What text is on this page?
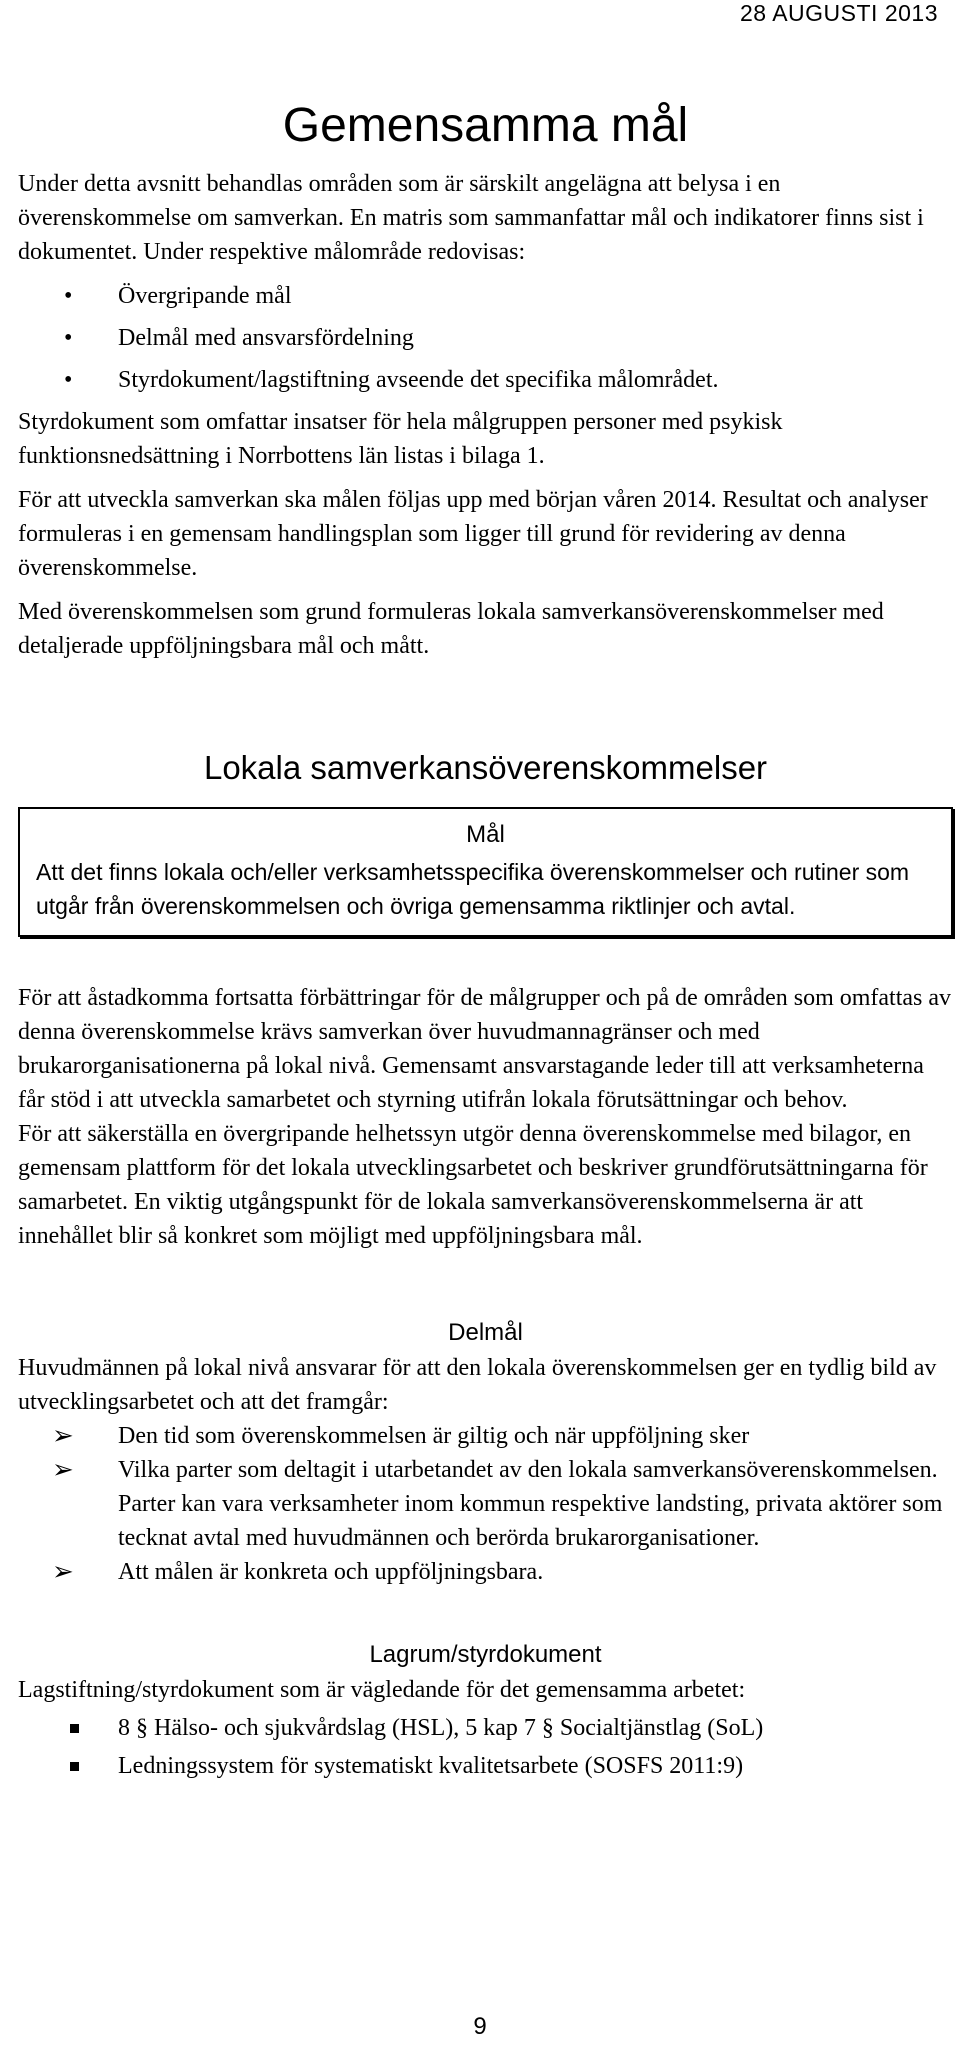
28 AUGUSTI 2013
Gemensamma mål

Under detta avsnitt behandlas områden som är särskilt angelägna att belysa i en överenskommelse om samverkan. En matris som sammanfattar mål och indikatorer finns sist i dokumentet. Under respektive målområde redovisas:

• Övergripande mål
• Delmål med ansvarsfördelning
• Styrdokument/lagstiftning avseende det specifika målområdet.

Styrdokument som omfattar insatser för hela målgruppen personer med psykisk funktionsnedsättning i Norrbottens län listas i bilaga 1.

För att utveckla samverkan ska målen följas upp med början våren 2014. Resultat och analyser formuleras i en gemensam handlingsplan som ligger till grund för revidering av denna överenskommelse.

Med överenskommelsen som grund formuleras lokala samverkansöverenskommelser med detaljerade uppföljningsbara mål och mått.

Lokala samverkansöverenskommelser
Mål
Att det finns lokala och/eller verksamhetsspecifika överenskommelser och rutiner som utgår från överenskommelsen och övriga gemensamma riktlinjer och avtal.

För att åstadkomma fortsatta förbättringar för de målgrupper och på de områden som omfattas av denna överenskommelse krävs samverkan över huvudmannagränser och med brukarorganisationerna på lokal nivå. Gemensamt ansvarstagande leder till att verksamheterna får stöd i att utveckla samarbetet och styrning utifrån lokala förutsättningar och behov.

För att säkerställa en övergripande helhetssyn utgör denna överenskommelse med bilagor, en gemensam plattform för det lokala utvecklingsarbetet och beskriver grundförutsättningarna för samarbetet. En viktig utgångspunkt för de lokala samverkansöverenskommelserna är att innehållet blir så konkret som möjligt med uppföljningsbara mål.

Delmål

Huvudmännen på lokal nivå ansvarar för att den lokala överenskommelsen ger en tydlig bild av utvecklingsarbetet och att det framgår:

➢ Den tid som överenskommelsen är giltig och när uppföljning sker
➢ Vilka parter som deltagit i utarbetandet av den lokala samverkansöverenskommelsen. Parter kan vara verksamheter inom kommun respektive landsting, privata aktörer som tecknat avtal med huvudmännen och berörda brukarorganisationer.
➢ Att målen är konkreta och uppföljningsbara.
Lagrum/styrdokument

Lagstiftning/styrdokument som är vägledande för det gemensamma arbetet:

8 § Hälso- och sjukvårdslag (HSL), 5 kap 7 § Socialtjänstlag (SoL)
Ledningssystem för systematiskt kvalitetsarbete (SOSFS 2011:9)
9
